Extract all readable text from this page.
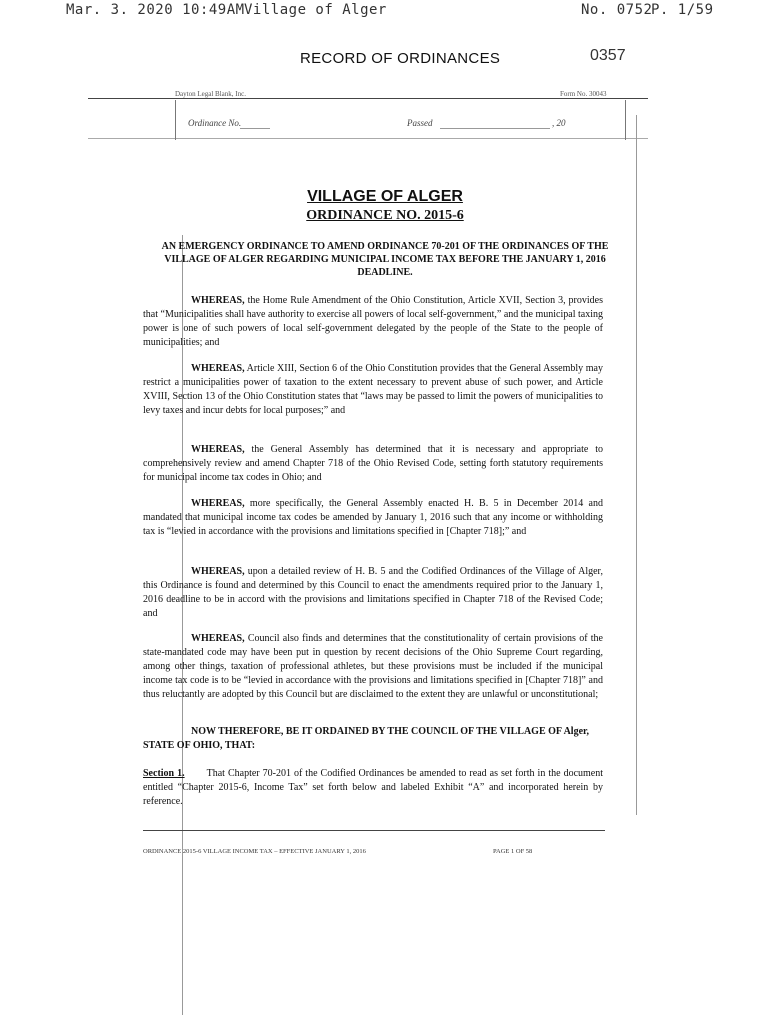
Mar. 3. 2020 10:49AM Village of Alger	No. 0752
P. 1/59
RECORD OF ORDINANCES	0357
Dayton Legal Blank, Inc.	Form No. 30043
Ordinance No.	Passed	, 20
VILLAGE OF ALGER
ORDINANCE NO. 2015-6
AN EMERGENCY ORDINANCE TO AMEND ORDINANCE 70-201 OF THE ORDINANCES OF THE VILLAGE OF ALGER REGARDING MUNICIPAL INCOME TAX BEFORE THE JANUARY 1, 2016 DEADLINE.
WHEREAS, the Home Rule Amendment of the Ohio Constitution, Article XVII, Section 3, provides that “Municipalities shall have authority to exercise all powers of local self-government,” and the municipal taxing power is one of such powers of local self-government delegated by the people of the State to the people of municipalities; and
WHEREAS, Article XIII, Section 6 of the Ohio Constitution provides that the General Assembly may restrict a municipalities power of taxation to the extent necessary to prevent abuse of such power, and Article XVIII, Section 13 of the Ohio Constitution states that “laws may be passed to limit the powers of municipalities to levy taxes and incur debts for local purposes;” and
WHEREAS, the General Assembly has determined that it is necessary and appropriate to comprehensively review and amend Chapter 718 of the Ohio Revised Code, setting forth statutory requirements for municipal income tax codes in Ohio; and
WHEREAS, more specifically, the General Assembly enacted H. B. 5 in December 2014 and mandated that municipal income tax codes be amended by January 1, 2016 such that any income or withholding tax is “levied in accordance with the provisions and limitations specified in [Chapter 718];” and
WHEREAS, upon a detailed review of H. B. 5 and the Codified Ordinances of the Village of Alger, this Ordinance is found and determined by this Council to enact the amendments required prior to the January 1, 2016 deadline to be in accord with the provisions and limitations specified in Chapter 718 of the Revised Code; and
WHEREAS, Council also finds and determines that the constitutionality of certain provisions of the state-mandated code may have been put in question by recent decisions of the Ohio Supreme Court regarding, among other things, taxation of professional athletes, but these provisions must be included if the municipal income tax code is to be “levied in accordance with the provisions and limitations specified in [Chapter 718]” and thus reluctantly are adopted by this Council but are disclaimed to the extent they are unlawful or unconstitutional;
NOW THEREFORE, BE IT ORDAINED BY THE COUNCIL OF THE VILLAGE OF Alger, STATE OF OHIO, THAT:
Section 1. That Chapter 70-201 of the Codified Ordinances be amended to read as set forth in the document entitled “Chapter 2015-6, Income Tax” set forth below and labeled Exhibit “A” and incorporated herein by reference.
ORDINANCE 2015-6 VILLAGE INCOME TAX – EFFECTIVE JANUARY 1, 2016	PAGE 1 OF 58
